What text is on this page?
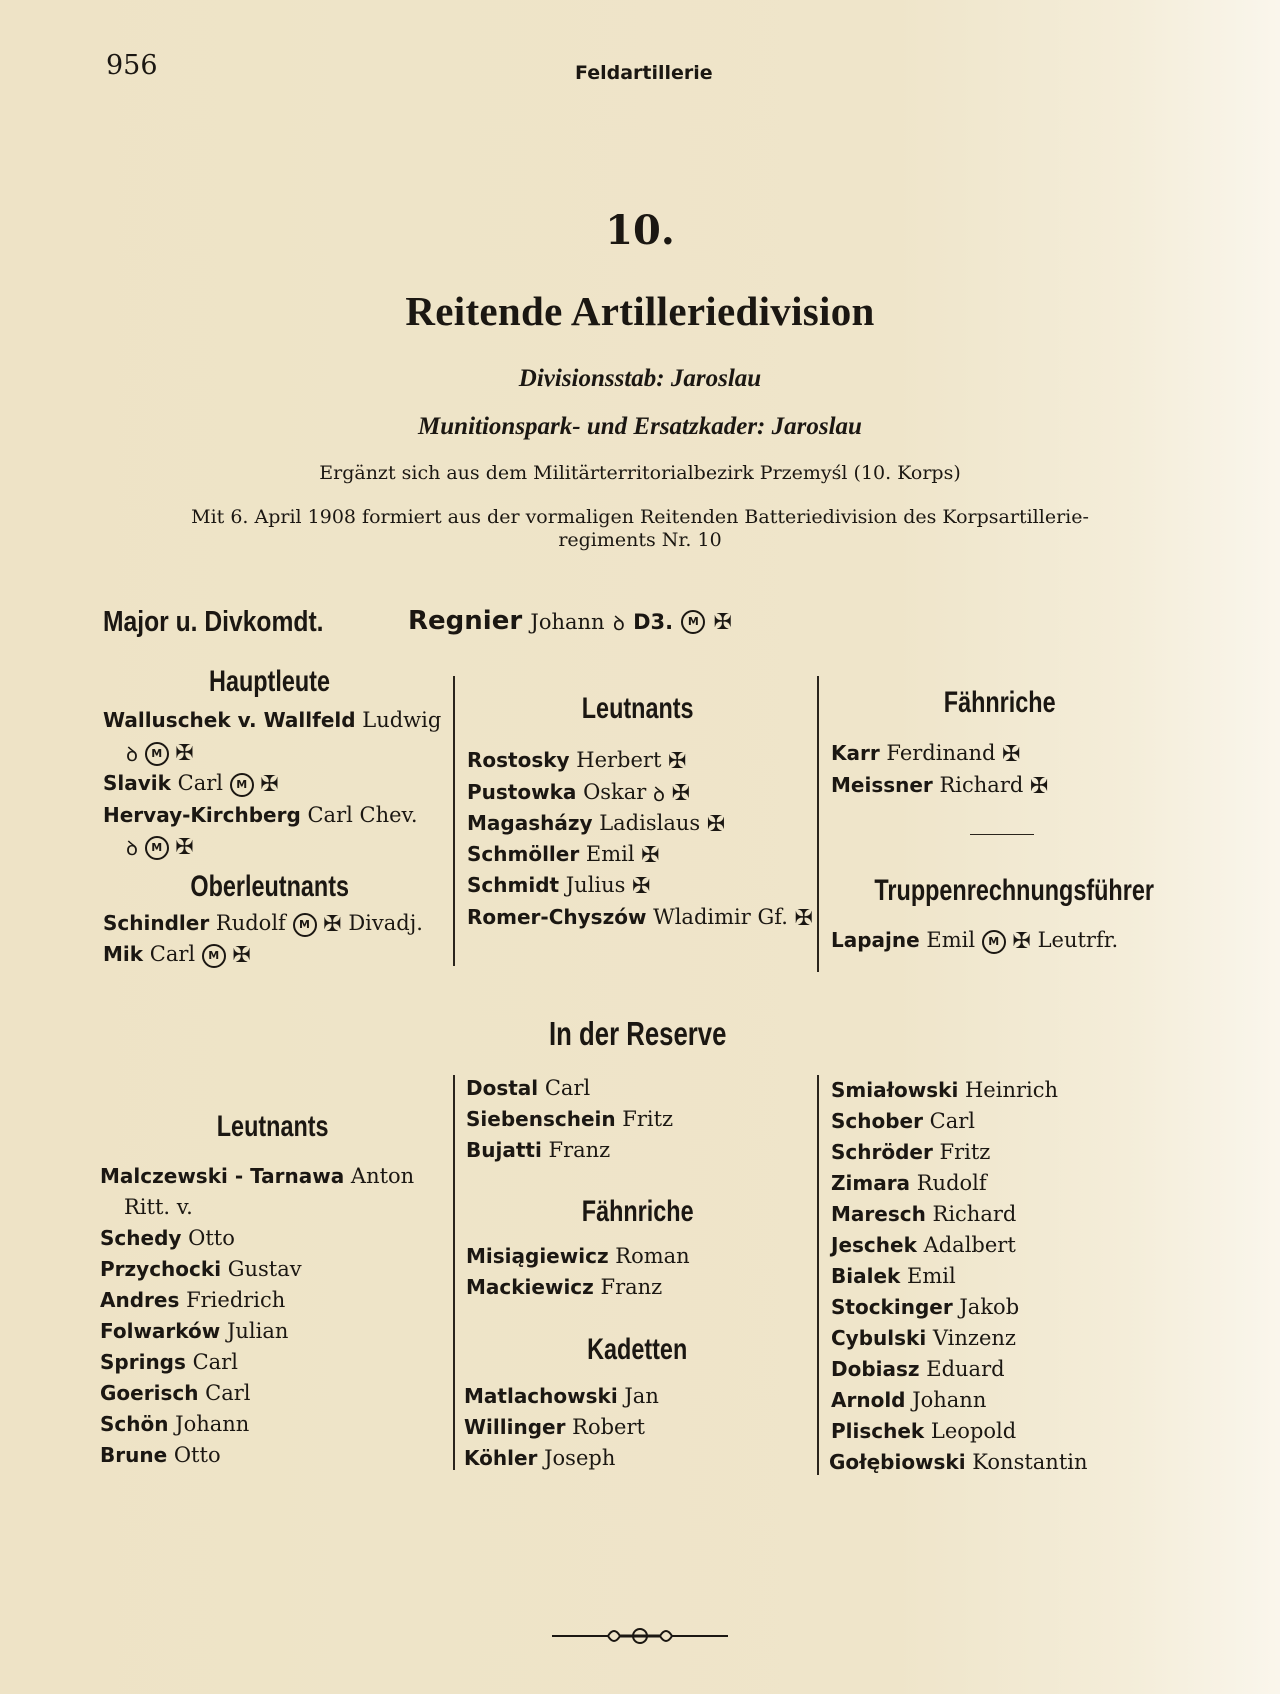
956	Feldartillerie
10.
Reitende Artilleriedivision
Divisionsstab: Jaroslau
Munitionspark- und Ersatzkader: Jaroslau
Ergänzt sich aus dem Militärterritorialbezirk Przemyśl (10. Korps)
Mit 6. April 1908 formiert aus der vormaligen Reitenden Batteriedivision des Korpsartillerie-
regiments Nr. 10
Major u. Divkomdt.	Regnier Johann ꝺ D3. M ✠
Hauptleute
Walluschek v. Wallfeld Ludwig
ꝺ M ✠
Slavik Carl M ✠
Hervay-Kirchberg Carl Chev.
ꝺ M ✠
Oberleutnants
Schindler Rudolf M ✠ Divadj.
Mik Carl M ✠
Leutnants
Rostosky Herbert ✠
Pustowka Oskar ꝺ ✠
Magasházy Ladislaus ✠
Schmöller Emil ✠
Schmidt Julius ✠
Romer-Chyszów Wladimir Gf. ✠
Fähnriche
Karr Ferdinand ✠
Meissner Richard ✠
Truppenrechnungsführer
Lapajne Emil M ✠ Leutrfr.
In der Reserve
Leutnants
Malczewski - Tarnawa Anton
Ritt. v.
Schedy Otto
Przychocki Gustav
Andres Friedrich
Folwarków Julian
Springs Carl
Goerisch Carl
Schön Johann
Brune Otto
Dostal Carl
Siebenschein Fritz
Bujatti Franz
Fähnriche
Misiągiewicz Roman
Mackiewicz Franz
Kadetten
Matlachowski Jan
Willinger Robert
Köhler Joseph
Smiałowski Heinrich
Schober Carl
Schröder Fritz
Zimara Rudolf
Maresch Richard
Jeschek Adalbert
Bialek Emil
Stockinger Jakob
Cybulski Vinzenz
Dobiasz Eduard
Arnold Johann
Plischek Leopold
Gołębiowski Konstantin
